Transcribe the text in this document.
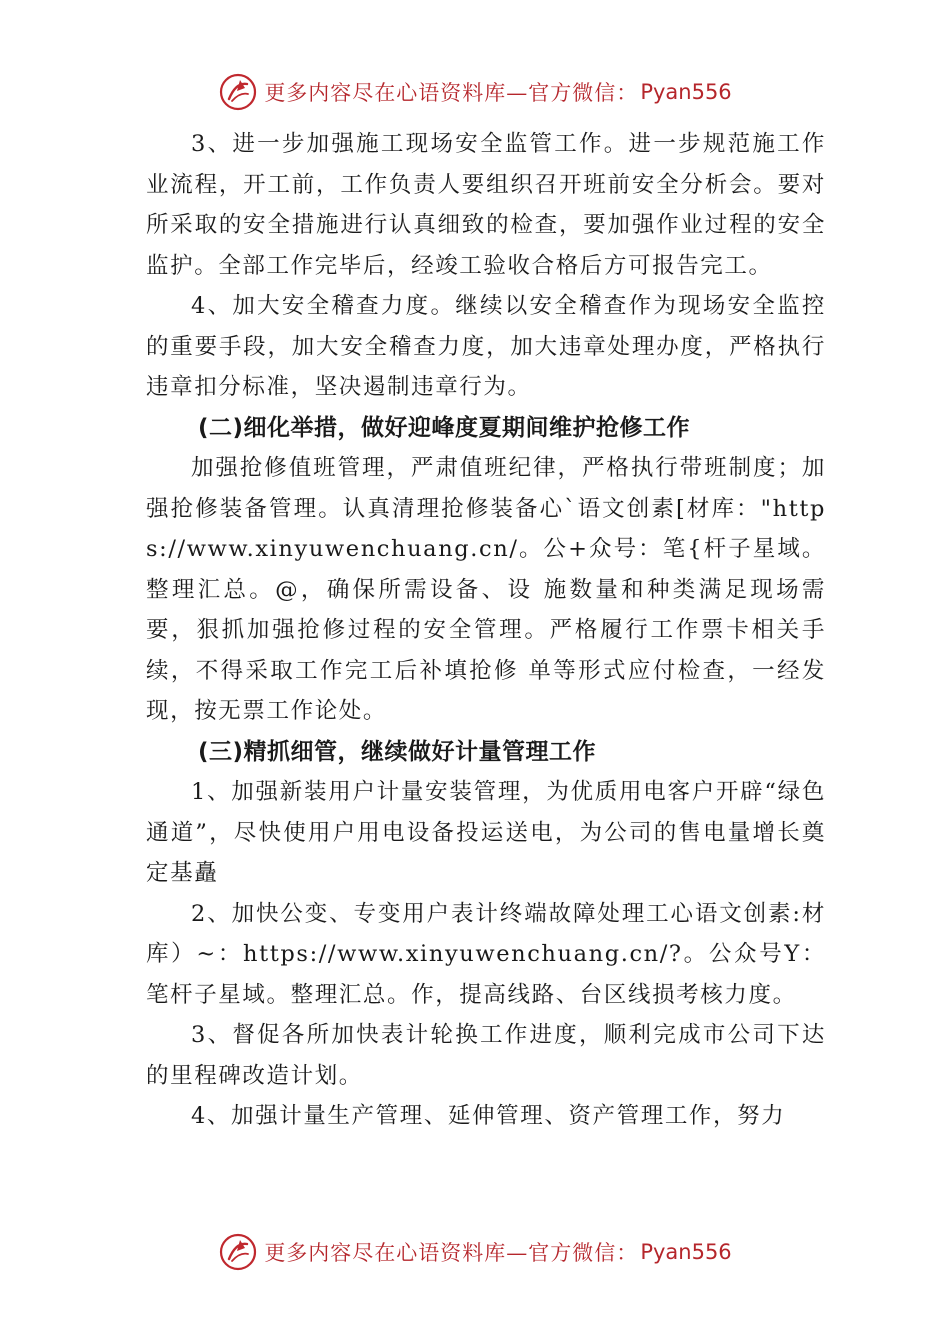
更多内容尽在心语资料库—官方微信： Pyan556

3、进一步加强施工现场安全监管工作。进一步规范施工作业流程，开工前，工作负责人要组织召开班前安全分析会。要对所采取的安全措施进行认真细致的检查，要加强作业过程的安全监护。全部工作完毕后，经竣工验收合格后方可报告完工。

4、加大安全稽查力度。继续以安全稽查作为现场安全监控的重要手段，加大安全稽查力度，加大违章处理办度，严格执行违章扣分标准，坚决遏制违章行为。

(二)细化举措，做好迎峰度夏期间维护抢修工作

加强抢修值班管理，严肃值班纪律，严格执行带班制度；加强抢修装备管理。认真清理抢修装备心`语文创素[材库："https://www.xinyuwenchuang.cn/。公+众号：笔{杆子星域。整理汇总。@，确保所需设备、设 施数量和种类满足现场需要，狠抓加强抢修过程的安全管理。严格履行工作票卡相关手续，不得采取工作完工后补填抢修 单等形式应付检查，一经发现，按无票工作论处。

(三)精抓细管，继续做好计量管理工作

1、加强新装用户计量安装管理，为优质用电客户开辟“绿色通道”，尽快使用户用电设备投运送电，为公司的售电量增长奠定基矗

2、加快公变、专变用户表计终端故障处理工心语文创素:材库）~：https://www.xinyuwenchuang.cn/?。公众号Y：笔杆子星域。整理汇总。作，提高线路、台区线损考核力度。

3、督促各所加快表计轮换工作进度，顺利完成市公司下达的里程碑改造计划。

4、加强计量生产管理、延伸管理、资产管理工作，努力

更多内容尽在心语资料库—官方微信： Pyan556
